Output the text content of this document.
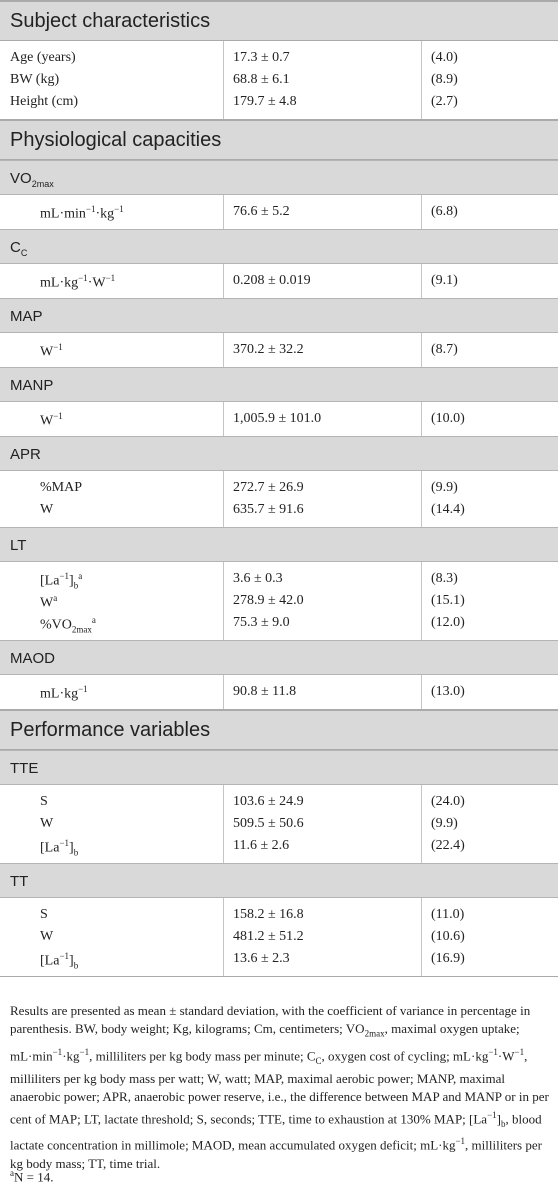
Subject characteristics
Age (years)	17.3 ± 0.7	(4.0)
BW (kg)	68.8 ± 6.1	(8.9)
Height (cm)	179.7 ± 4.8	(2.7)
Physiological capacities
$VO_{2max}$
$mL\cdot\min^{-1}\cdot kg^{-1}$	76.6 ± 5.2	(6.8)
$C_C$
$mL\cdot kg^{-1}\cdot W^{-1}$	0.208 ± 0.019	(9.1)
MAP
$W^{-1}$	370.2 ± 32.2	(8.7)
MANP
$W^{-1}$	1,005.9 ± 101.0	(10.0)
APR
%MAP	272.7 ± 26.9	(9.9)
W	635.7 ± 91.6	(14.4)
LT
$[La^{-1}]_b^a$	3.6 ± 0.3	(8.3)
$W^a$	278.9 ± 42.0	(15.1)
$\%VO_{2max}^a$	75.3 ± 9.0	(12.0)
MAOD
$mL\cdot kg^{-1}$	90.8 ± 11.8	(13.0)
Performance variables
TTE
S	103.6 ± 24.9	(24.0)
W	509.5 ± 50.6	(9.9)
$[La^{-1}]_b$	11.6 ± 2.6	(22.4)
TT
S	158.2 ± 16.8	(11.0)
W	481.2 ± 51.2	(10.6)
$[La^{-1}]_b$	13.6 ± 2.3	(16.9)
Results are presented as mean ± standard deviation, with the coefficient of variance in percentage in parenthesis. BW, body weight; Kg, kilograms; Cm, centimeters; $VO_{2max}$, maximal oxygen uptake; $mL\cdot\min^{-1}\cdot kg^{-1}$, milliliters per kg body mass per minute; $C_C$, oxygen cost of cycling; $mL\cdot kg^{-1}\cdot W^{-1}$, milliliters per kg body mass per watt; W, watt; MAP, maximal aerobic power; MANP, maximal anaerobic power; APR, anaerobic power reserve, i.e., the difference between MAP and MANP or in per cent of MAP; LT, lactate threshold; S, seconds; TTE, time to exhaustion at 130% MAP; $[La^{-1}]_b$, blood lactate concentration in millimole; MAOD, mean accumulated oxygen deficit; $mL\cdot kg^{-1}$, milliliters per kg body mass; TT, time trial.
$^a$N = 14.
